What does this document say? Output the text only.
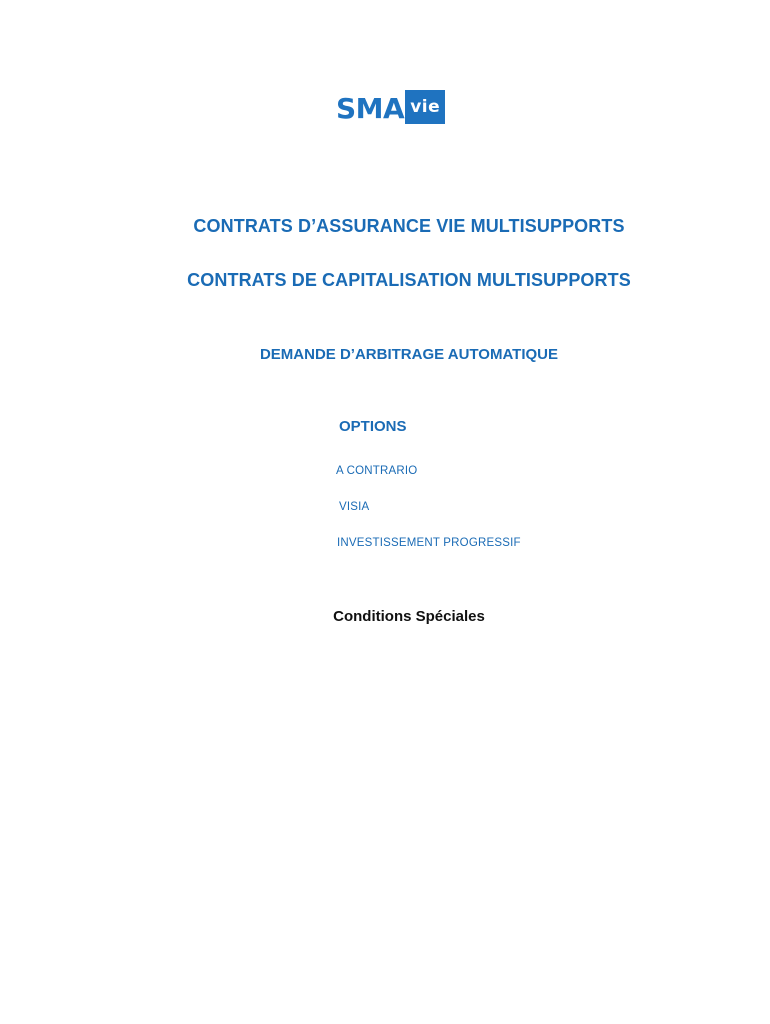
SMA vie
CONTRATS D’ASSURANCE VIE MULTISUPPORTS
CONTRATS DE CAPITALISATION MULTISUPPORTS
DEMANDE D’ARBITRAGE AUTOMATIQUE
OPTIONS
A CONTRARIO
VISIA
INVESTISSEMENT PROGRESSIF
Conditions Spéciales
